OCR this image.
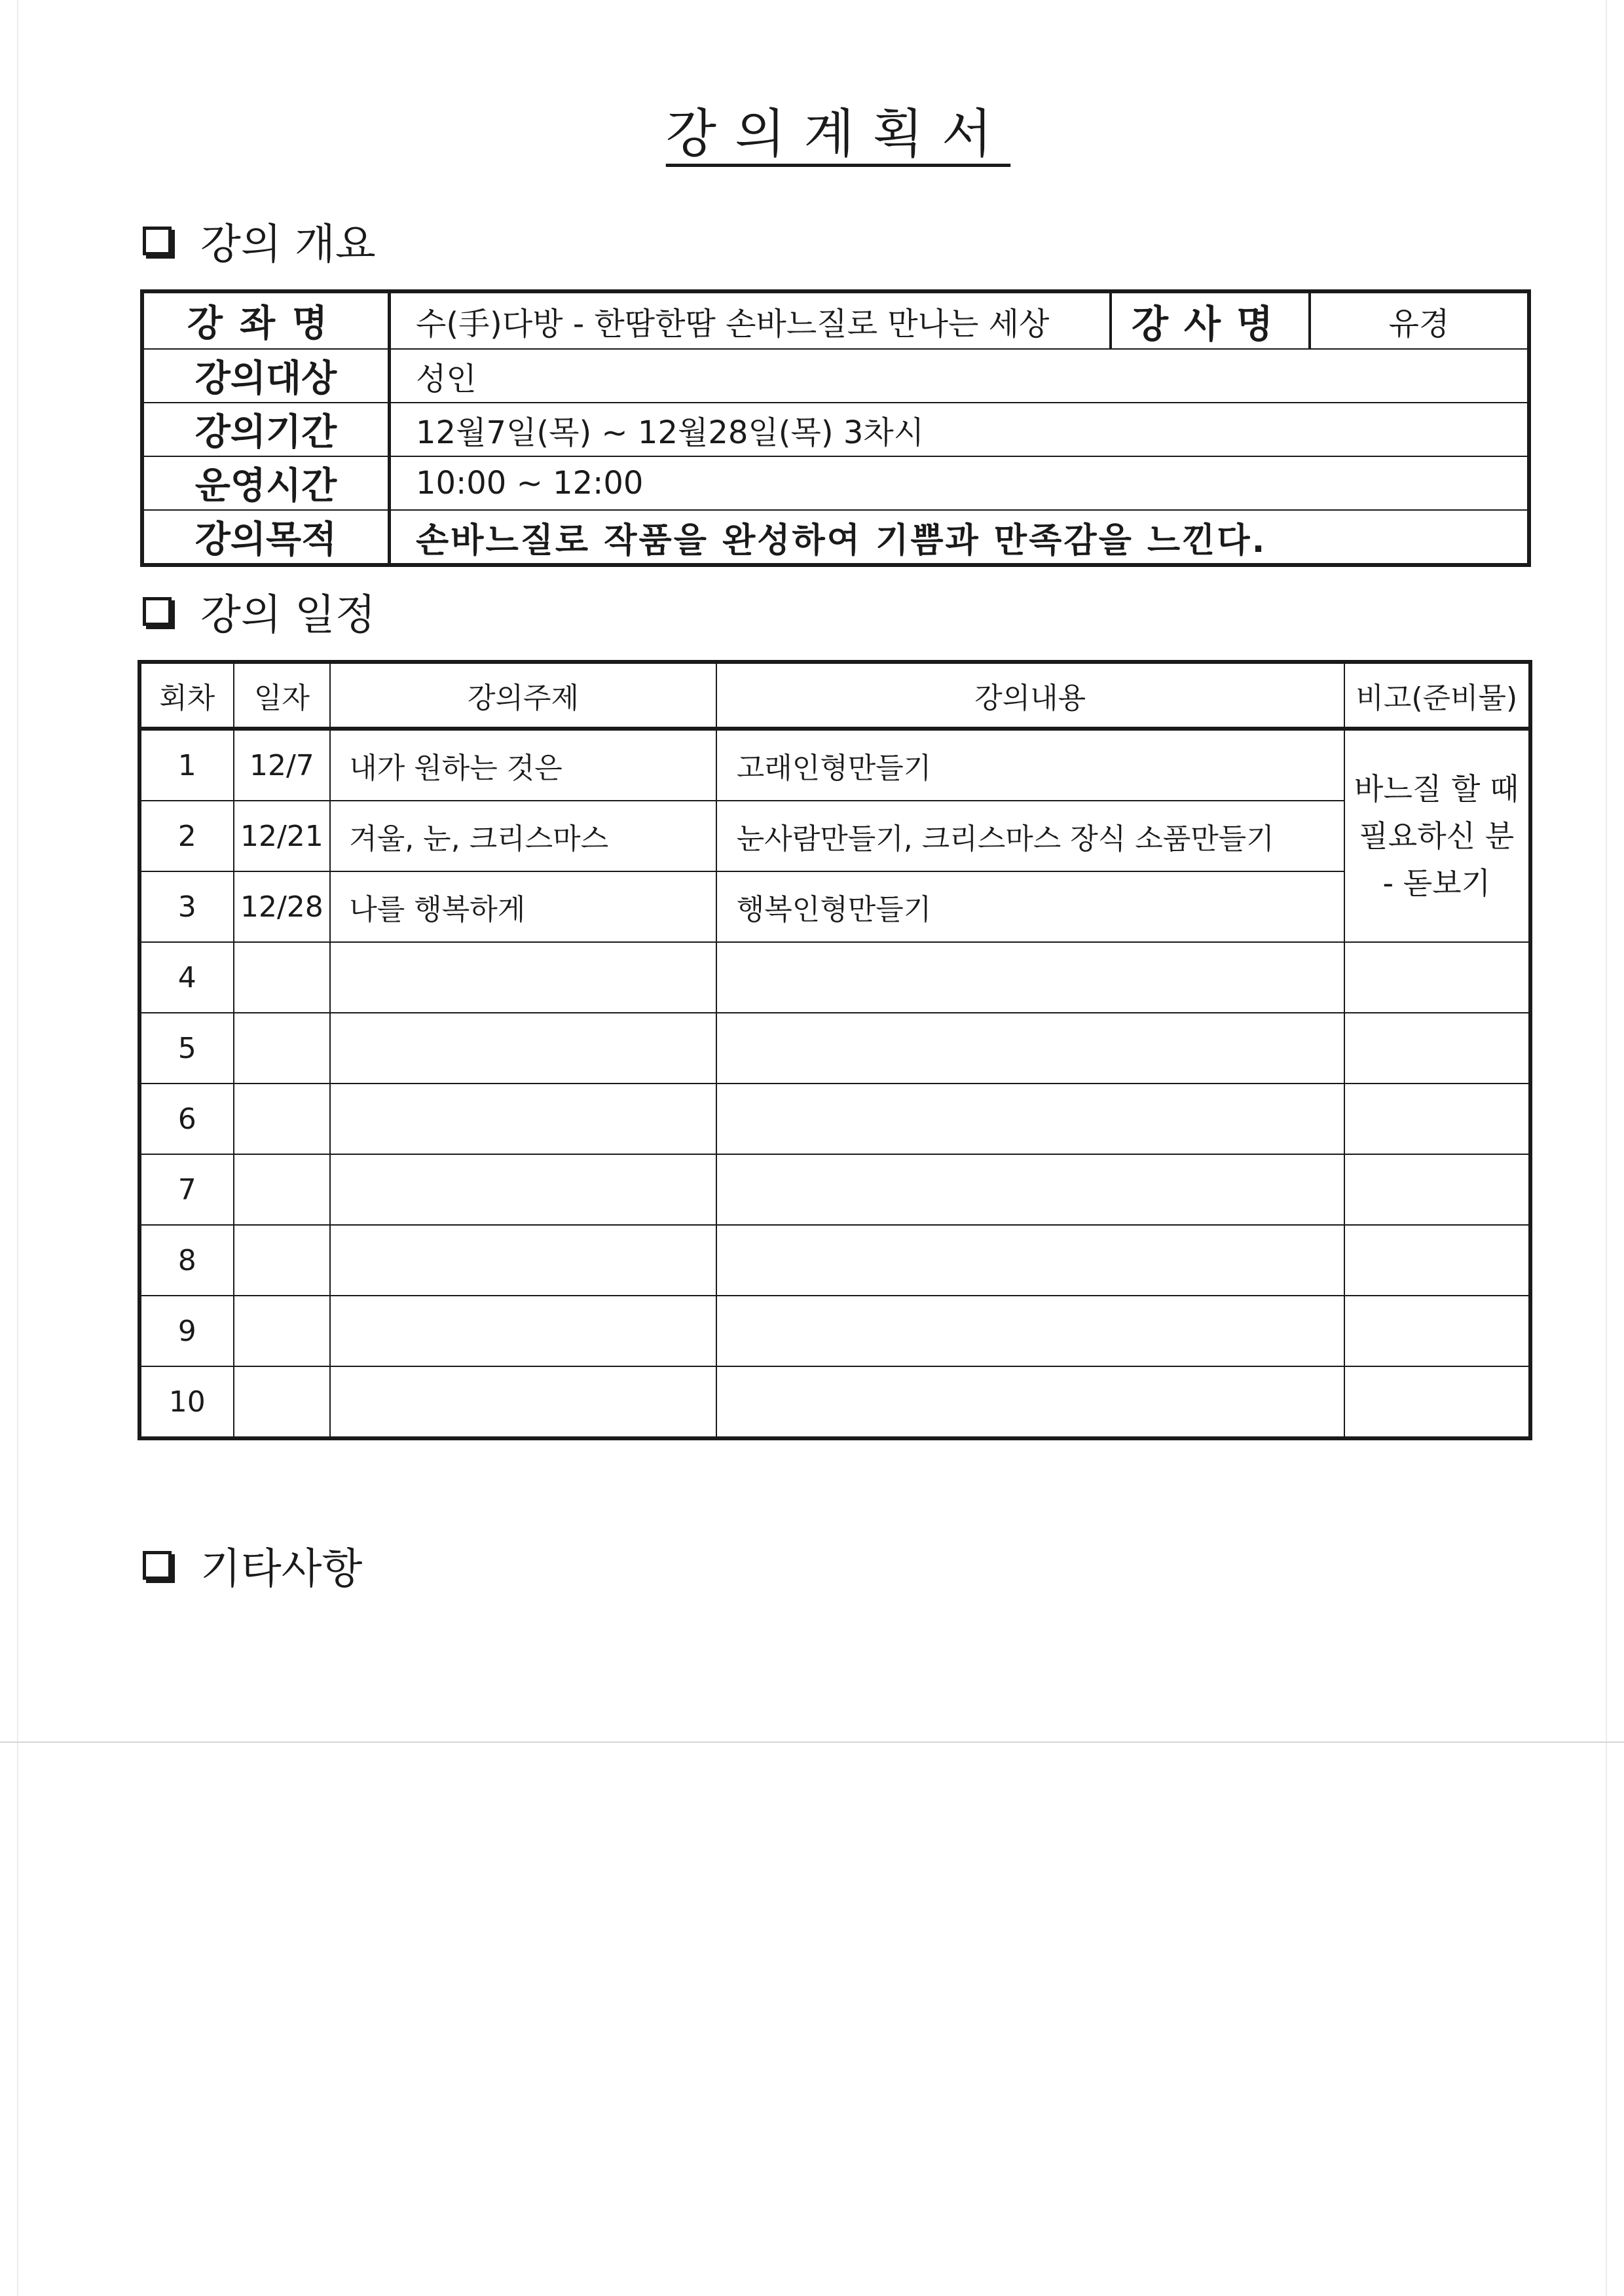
강의계획서
강의 개요
강좌명	수(手)다방 - 한땀한땀 손바느질로 만나는 세상	강사명	유경
강의대상	성인		
강의기간	12월7일(목) ~ 12월28일(목) 3차시		
운영시간	10:00 ~ 12:00		
강의목적	손바느질로 작품을 완성하여 기쁨과 만족감을 느낀다.		
강의 일정
회차	일자	강의주제	강의내용	비고(준비물)
1	12/7	내가 원하는 것은	고래인형만들기	바느질 할 때
필요하신 분
- 돋보기

2	12/21	겨울, 눈, 크리스마스	눈사람만들기, 크리스마스 장식 소품만들기	
3	12/28	나를 행복하게	행복인형만들기	
4				
5				
6				
7				
8				
9				
10				
기타사항
